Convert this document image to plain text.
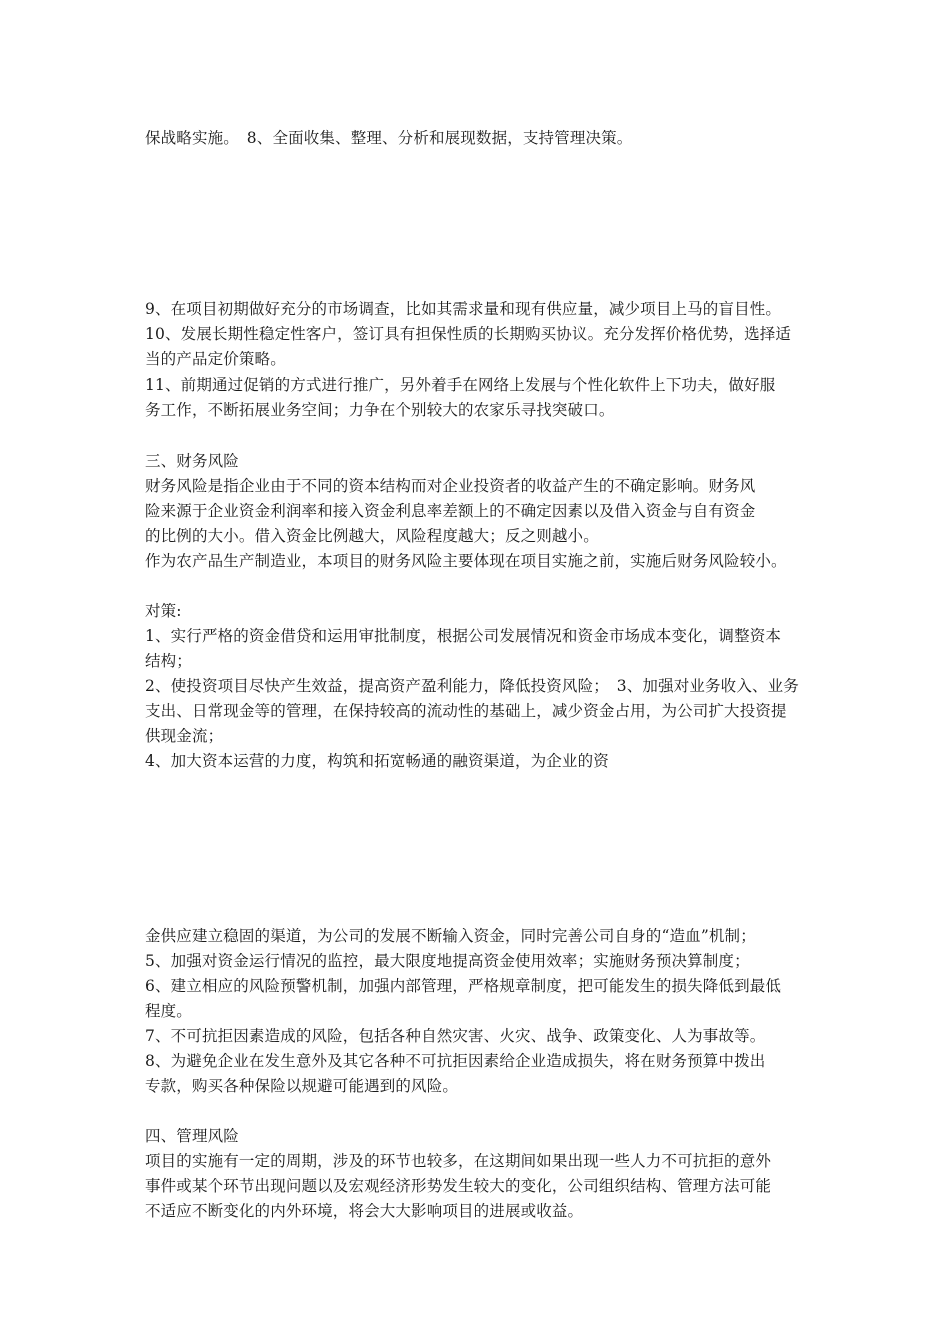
保战略实施。　8、全面收集、整理、分析和展现数据，支持管理决策。
9、在项目初期做好充分的市场调查，比如其需求量和现有供应量，减少项目上马的盲目性。
10、发展长期性稳定性客户，签订具有担保性质的长期购买协议。充分发挥价格优势，选择适
当的产品定价策略。
11、前期通过促销的方式进行推广，另外着手在网络上发展与个性化软件上下功夫，做好服
务工作，不断拓展业务空间；力争在个别较大的农家乐寻找突破口。
三、财务风险
财务风险是指企业由于不同的资本结构而对企业投资者的收益产生的不确定影响。财务风
险来源于企业资金利润率和接入资金利息率差额上的不确定因素以及借入资金与自有资金
的比例的大小。借入资金比例越大，风险程度越大；反之则越小。
作为农产品生产制造业，本项目的财务风险主要体现在项目实施之前，实施后财务风险较小。
对策:
1、实行严格的资金借贷和运用审批制度，根据公司发展情况和资金市场成本变化，调整资本
结构；
2、使投资项目尽快产生效益，提高资产盈利能力，降低投资风险；　3、加强对业务收入、业务
支出、日常现金等的管理，在保持较高的流动性的基础上，减少资金占用，为公司扩大投资提
供现金流；
4、加大资本运营的力度，构筑和拓宽畅通的融资渠道，为企业的资
金供应建立稳固的渠道，为公司的发展不断输入资金，同时完善公司自身的“造血”机制；
5、加强对资金运行情况的监控，最大限度地提高资金使用效率；实施财务预决算制度；
6、建立相应的风险预警机制，加强内部管理，严格规章制度，把可能发生的损失降低到最低
程度。
7、不可抗拒因素造成的风险，包括各种自然灾害、火灾、战争、政策变化、人为事故等。
8、为避免企业在发生意外及其它各种不可抗拒因素给企业造成损失，将在财务预算中拨出
专款，购买各种保险以规避可能遇到的风险。
四、管理风险
项目的实施有一定的周期，涉及的环节也较多，在这期间如果出现一些人力不可抗拒的意外
事件或某个环节出现问题以及宏观经济形势发生较大的变化，公司组织结构、管理方法可能
不适应不断变化的内外环境，将会大大影响项目的进展或收益。
